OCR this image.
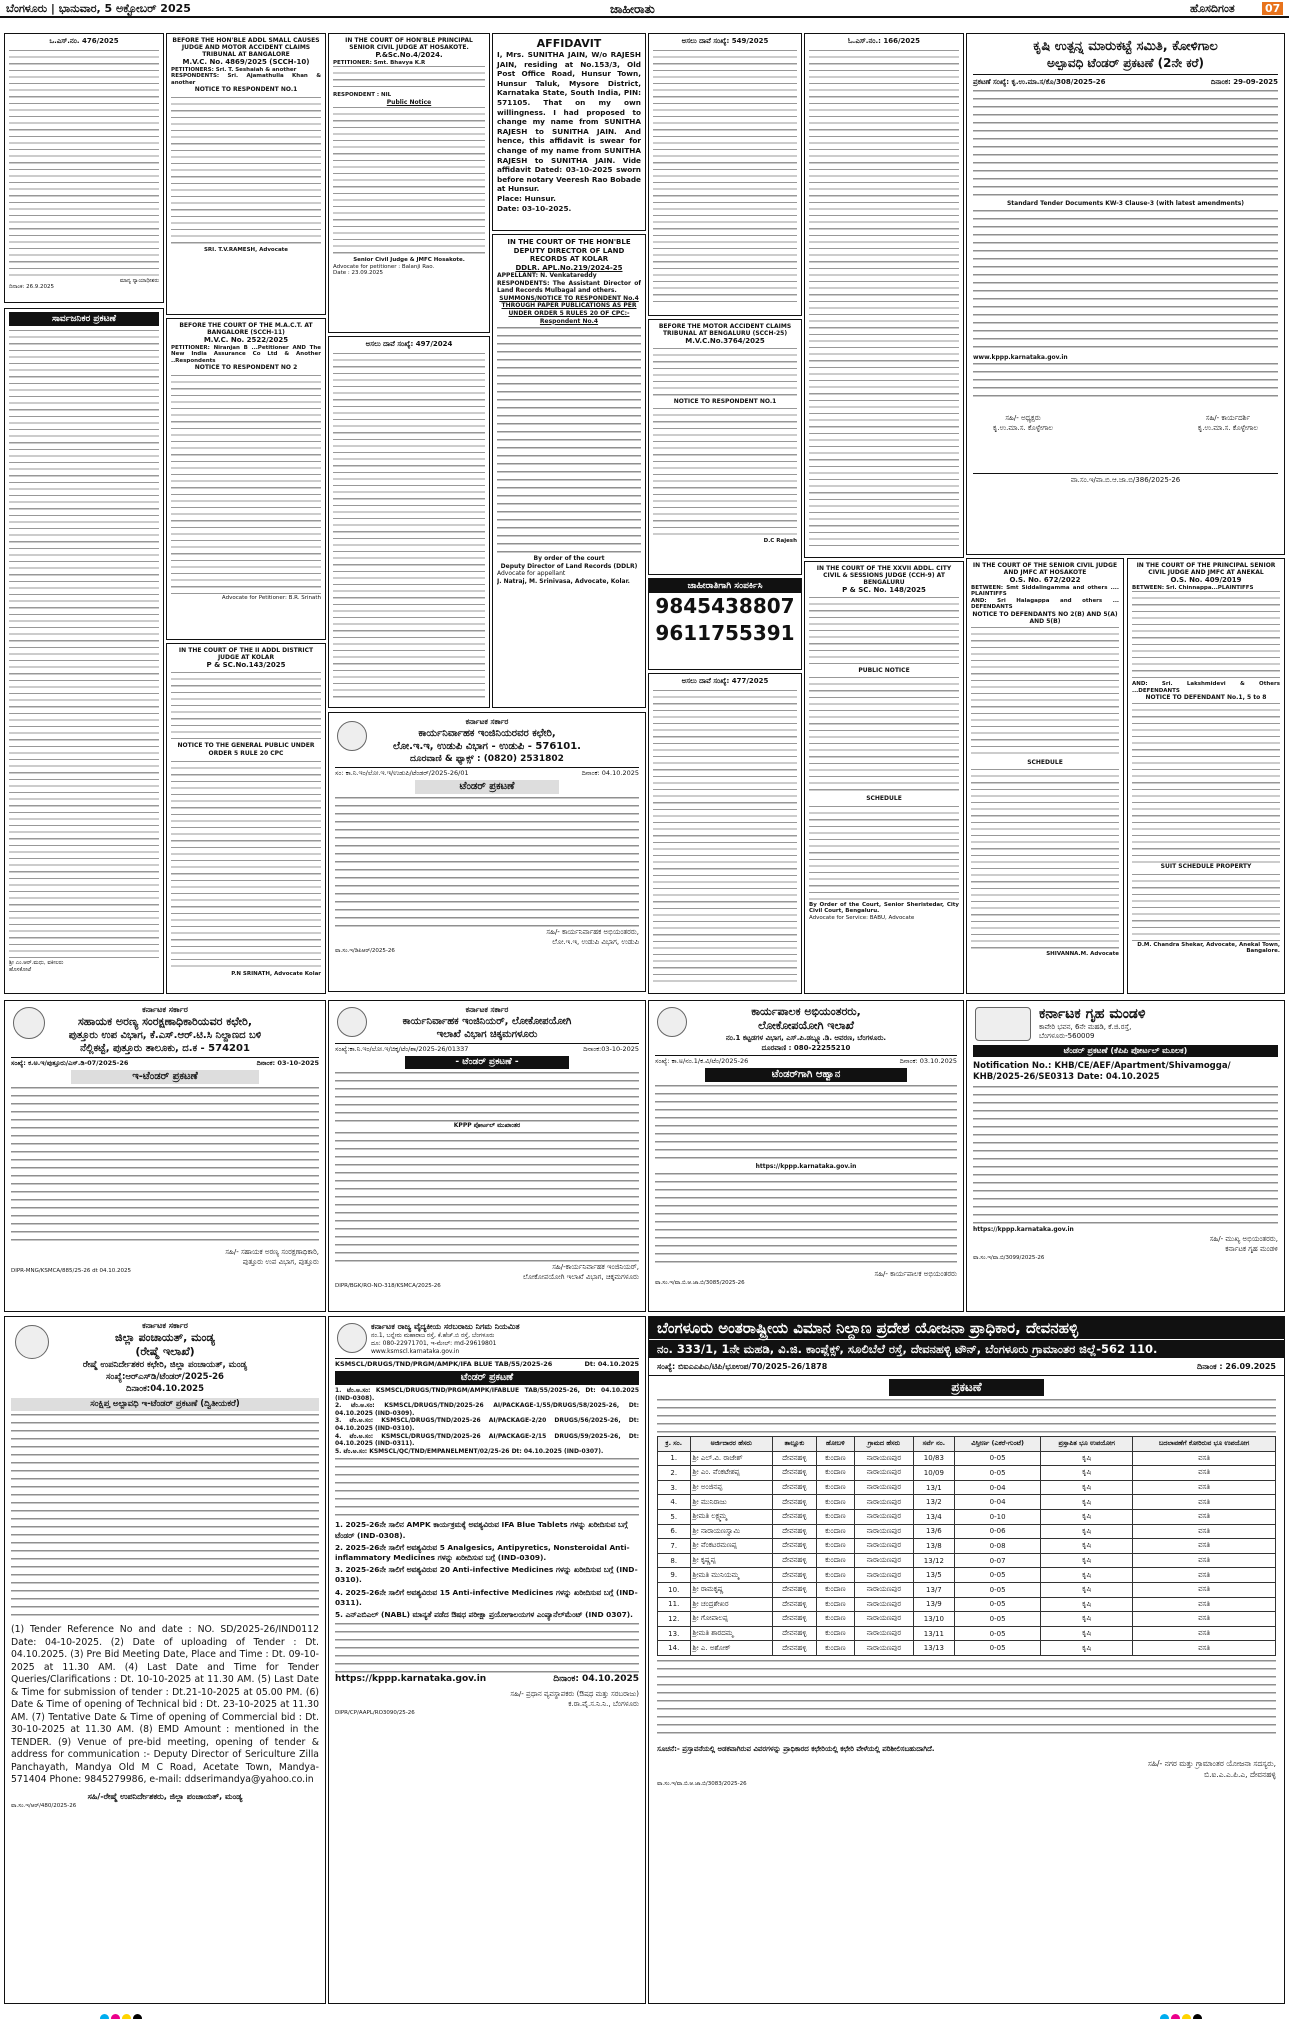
ಬೆಂಗಳೂರು | ಭಾನುವಾರ, 5 ಅಕ್ಟೋಬರ್ 2025	ಜಾಹೀರಾತು	ಹೊಸದಿಗಂತ	07
ಒ.ಎಸ್.ನಂ. 476/2025
ಮಾನ್ಯ ನ್ಯಾಯಾಧೀಶರು
ದಿನಾಂಕ: 26.9.2025
ಸಾರ್ವಜನಿಕರ ಪ್ರಕಟಣೆ
ಶ್ರೀ ಎಂ.ಆರ್.ಮಧು, ವಕೀಲರು
ಹೊಸಕೋಟೆ
BEFORE THE HON'BLE ADDL SMALL CAUSES JUDGE AND MOTOR ACCIDENT CLAIMS TRIBUNAL AT BANGALORE
M.V.C. No. 4869/2025 (SCCH-10)
PETITIONERS: Sri. T. Seshaiah & another
RESPONDENTS: Sri. Ajamathulla Khan & another
NOTICE TO RESPONDENT NO.1
SRI. T.V.RAMESH, Advocate
BEFORE THE COURT OF THE M.A.C.T. AT BANGALORE (SCCH-11)
M.V.C. No. 2522/2025
PETITIONER: Niranjan B ...Petitioner AND The New India Assurance Co Ltd & Another ..Respondents
NOTICE TO RESPONDENT NO 2
Advocate for Petitioner: B.R. Srinath
IN THE COURT OF THE II ADDL DISTRICT JUDGE AT KOLAR
P & SC.No.143/2025
NOTICE TO THE GENERAL PUBLIC UNDER ORDER 5 RULE 20 CPC
P.N SRINATH, Advocate Kolar
IN THE COURT OF HON'BLE PRINCIPAL SENIOR CIVIL JUDGE AT HOSAKOTE.
P.&Sc.No.4/2024.
PETITIONER: Smt. Bhavya K.R
RESPONDENT : NIL
Public Notice
Senior Civil Judge & JMFC Hosakote.
Advocate for petitioner : Balanji Rao.
Date : 23.09.2025
ಅಸಲು ದಾವೆ ಸಂಖ್ಯೆ: 497/2024
AFFIDAVIT
I, Mrs. SUNITHA JAIN, W/o RAJESH JAIN, residing at No.153/3, Old Post Office Road, Hunsur Town, Hunsur Taluk, Mysore District, Karnataka State, South India, PIN: 571105. That on my own willingness. I had proposed to change my name from SUNITHA RAJESH to SUNITHA JAIN. And hence, this affidavit is swear for change of my name from SUNITHA RAJESH to SUNITHA JAIN. Vide affidavit Dated: 03-10-2025 sworn before notary Veeresh Rao Bobade at Hunsur.
Place: Hunsur.
Date: 03-10-2025.
IN THE COURT OF THE HON'BLE DEPUTY DIRECTOR OF LAND RECORDS AT KOLAR
DDLR. APL.No.219/2024-25
APPELLANT: N. Venkatareddy
RESPONDENTS: The Assistant Director of Land Records Mulbagal and others.
SUMMONS/NOTICE TO RESPONDENT No.4 THROUGH PAPER PUBLICATIONS AS PER UNDER ORDER 5 RULES 20 OF CPC:- Respondent No.4
By order of the court
Deputy Director of Land Records (DDLR)
Advocate for appellant
J. Natraj, M. Srinivasa, Advocate, Kolar.
ಅಸಲು ದಾವೆ ಸಂಖ್ಯೆ: 549/2025
BEFORE THE MOTOR ACCIDENT CLAIMS TRIBUNAL AT BENGALURU (SCCH-25)
M.V.C.No.3764/2025
NOTICE TO RESPONDENT NO.1
D.C Rajesh
ಜಾಹೀರಾತಿಗಾಗಿ ಸಂಪರ್ಕಿಸಿ
9845438807
9611755391
ಅಸಲು ದಾವೆ ಸಂಖ್ಯೆ: 477/2025
ಓ.ಎಸ್.ನಂ.: 166/2025
IN THE COURT OF THE XXVII ADDL. CITY CIVIL & SESSIONS JUDGE (CCH-9) AT BENGALURU
P & SC. No. 148/2025
PUBLIC NOTICE
SCHEDULE
By Order of the Court, Senior Sheristedar, City Civil Court, Bengaluru.
Advocate for Service: BABU, Advocate
ಕೃಷಿ ಉತ್ಪನ್ನ ಮಾರುಕಟ್ಟೆ ಸಮಿತಿ, ಕೋಳಿಗಾಲ
ಅಲ್ಪಾವಧಿ ಟೆಂಡರ್ ಪ್ರಕಟಣೆ (2ನೇ ಕರೆ)
ಪ್ರಕಟಣೆ ಸಂಖ್ಯೆ: ಕೃ.ಉ.ಮಾ.ಸ/ಕೊ/308/2025-26	ದಿನಾಂಕ: 29-09-2025
Standard Tender Documents KW-3 Clause-3 (with latest amendments)
www.kppp.karnataka.gov.in
ಸಹಿ/- ಅಧ್ಯಕ್ಷರು
ಕೃ.ಉ.ಮಾ.ಸ. ಕೊಳ್ಳೇಗಾಲ
ಸಹಿ/- ಕಾರ್ಯದರ್ಶಿ
ಕೃ.ಉ.ಮಾ.ಸ. ಕೊಳ್ಳೇಗಾಲ
ವಾ.ಸಂ.ಇ/ವಾ.ಬಿ.ಆ.ಜಾ.ಬಿ/386/2025-26
IN THE COURT OF THE SENIOR CIVIL JUDGE AND JMFC AT HOSAKOTE
O.S. No. 672/2022
BETWEEN: Smt Siddalingamma and others .... PLAINTIFFS
AND: Sri Halagappa and others ... DEFENDANTS
NOTICE TO DEFENDANTS NO 2(B) AND 5(A) AND 5(B)
SCHEDULE
SHIVANNA.M. Advocate
IN THE COURT OF THE PRINCIPAL SENIOR CIVIL JUDGE AND JMFC AT ANEKAL
O.S. No. 409/2019
BETWEEN: Sri. Chinnappa...PLAINTIFFS
AND: Sri. Lakshmidevi & Others ...DEFENDANTS
NOTICE TO DEFENDANT No.1, 5 to 8
SUIT SCHEDULE PROPERTY
D.M. Chandra Shekar, Advocate, Anekal Town, Bangalore.
ಕರ್ನಾಟಕ ಸರ್ಕಾರ
ಸಹಾಯಕ ಅರಣ್ಯ ಸಂರಕ್ಷಣಾಧಿಕಾರಿಯವರ ಕಛೇರಿ,
ಪುತ್ತೂರು ಉಪ ವಿಭಾಗ, ಕೆ.ಎಸ್.ಆರ್.ಟಿ.ಸಿ ನಿಲ್ದಾಣದ ಬಳಿ
ನೆಲ್ಲಿಕಟ್ಟೆ, ಪುತ್ತೂರು ತಾಲೂಕು, ದ.ಕ - 574201
ಸಂಖ್ಯೆ: ಕ.ಅ.ಇ/ಪುತ್ತೂರು/ಎಸ್.ಡಿ-07/2025-26	ದಿನಾಂಕ: 03-10-2025
ಇ-ಟೆಂಡರ್ ಪ್ರಕಟಣೆ
ಸಹಿ/- ಸಹಾಯಕ ಅರಣ್ಯ ಸಂರಕ್ಷಣಾಧಿಕಾರಿ,
ಪುತ್ತೂರು ಉಪ ವಿಭಾಗ, ಪುತ್ತೂರು
DIPR-MNG/KSMCA/885/25-26 dt 04.10.2025
ಕರ್ನಾಟಕ ಸರ್ಕಾರ
ಕಾರ್ಯನಿರ್ವಾಹಕ ಇಂಜಿನಿಯರವರ ಕಛೇರಿ,
ಲೋ.ಇ.ಇ, ಉಡುಪಿ ವಿಭಾಗ - ಉಡುಪಿ - 576101.
ದೂರವಾಣಿ & ಫ್ಯಾಕ್ಸ್ : (0820) 2531802
ಸಂ: ಕಾ.ನಿ.ಇಂ/ಲೋ.ಇ.ಇ/ಉಡುಪಿ/ಟೆಂಡರ್/2025-26/01	ದಿನಾಂಕ: 04.10.2025
ಟೆಂಡರ್ ಪ್ರಕಟಣೆ
ಸಹಿ/- ಕಾರ್ಯನಿರ್ವಾಹಕ ಅಭಿಯಂತರರು,
ಲೋ.ಇ.ಇ, ಉಡುಪಿ ವಿಭಾಗ, ಉಡುಪಿ
ವಾ.ಸಂ.ಇ/ಡಿಪಿಆರ್/2025-26
ಕರ್ನಾಟಕ ಸರ್ಕಾರ
ಕಾರ್ಯನಿರ್ವಾಹಕ ಇಂಜಿನಿಯರ್, ಲೋಕೋಪಯೋಗಿ
ಇಲಾಖೆ ವಿಭಾಗ ಚಿಕ್ಕಮಗಳೂರು
ಸಂಖ್ಯೆ:ಕಾ.ನಿ.ಇಂ/ಲೋ.ಇ/ಚಿಕ್ಕ/ಟೆಂ/ಶಾ/2025-26/01337	ದಿನಾಂಕ:03-10-2025
- ಟೆಂಡರ್ ಪ್ರಕಟಣೆ -
KPPP ಪೋರ್ಟಲ್ ಮುಖಾಂತರ
ಸಹಿ/-ಕಾರ್ಯನಿರ್ವಾಹಕ ಇಂಜಿನಿಯರ್,
ಲೋಕೋಪಯೋಗಿ ಇಲಾಖೆ ವಿಭಾಗ, ಚಿಕ್ಕಮಗಳೂರು
DIPR/BGK/RO-NO-318/KSMCA/2025-26
ಕಾರ್ಯಪಾಲಕ ಅಭಿಯಂತರರು,
ಲೋಕೋಪಯೋಗಿ ಇಲಾಖೆ
ನಂ.1 ಕಟ್ಟಡಗಳ ವಿಭಾಗ, ಎಸ್.ಪಿ.ಡಬ್ಲ್ಯೂ.ಡಿ. ಆವರಣ, ಬೆಂಗಳೂರು.
ದೂರವಾಣಿ : 080-22255210
ಸಂಖ್ಯೆ: ಕಾ.ಅ/ನಂ.1/ಕ.ವಿ/ಟೆಂ/2025-26	ದಿನಾಂಕ: 03.10.2025
ಟೆಂಡರ್‌ಗಾಗಿ ಆಹ್ವಾನ
https://kppp.karnataka.gov.in
ಸಹಿ/- ಕಾರ್ಯಪಾಲಕ ಅಭಿಯಂತರರು
ವಾ.ಸಂ.ಇ/ವಾ.ಬಿ.ಆ.ಜಾ.ಬಿ/3085/2025-26
ಕರ್ನಾಟಕ ಗೃಹ ಮಂಡಳಿ
ಕಾವೇರಿ ಭವನ, 6ನೇ ಮಹಡಿ, ಕೆ.ಜಿ.ರಸ್ತೆ,
ಬೆಂಗಳೂರು-560009
ಟೆಂಡರ್ ಪ್ರಕಟಣೆ (ಕೆಪಿಪಿ ಪೋರ್ಟಲ್ ಮೂಲಕ)
Notification No.: KHB/CE/AEF/Apartment/Shivamogga/ KHB/2025-26/SE0313 Date: 04.10.2025
https://kppp.karnataka.gov.in
ಸಹಿ/- ಮುಖ್ಯ ಅಭಿಯಂತರರು,
ಕರ್ನಾಟಕ ಗೃಹ ಮಂಡಳಿ
ವಾ.ಸಂ.ಇ/ವಾ.ಬಿ/3099/2025-26
ಕರ್ನಾಟಕ ಸರ್ಕಾರ
ಜಿಲ್ಲಾ ಪಂಚಾಯತ್, ಮಂಡ್ಯ
(ರೇಷ್ಮೆ ಇಲಾಖೆ)
ರೇಷ್ಮೆ ಉಪನಿರ್ದೇಶಕರ ಕಛೇರಿ, ಜಿಲ್ಲಾ ಪಂಚಾಯತ್, ಮಂಡ್ಯ
ಸಂಖ್ಯೆ:ಆರ್‌ಎಸ್‌ಡಿ/ಟೆಂಡರ್/2025-26
ದಿನಾಂಕ:04.10.2025
ಸಂಕ್ಷಿಪ್ತ ಅಲ್ಪಾವಧಿ ಇ-ಟೆಂಡರ್ ಪ್ರಕಟಣೆ (ದ್ವಿತೀಯಕರೆ)
(1) Tender Reference No and date : NO. SD/2025-26/IND0112 Date: 04-10-2025. (2) Date of uploading of Tender : Dt. 04.10.2025. (3) Pre Bid Meeting Date, Place and Time : Dt. 09-10-2025 at 11.30 AM. (4) Last Date and Time for Tender Queries/Clarifications : Dt. 10-10-2025 at 11.30 AM. (5) Last Date & Time for submission of tender : Dt.21-10-2025 at 05.00 PM. (6) Date & Time of opening of Technical bid : Dt. 23-10-2025 at 11.30 AM. (7) Tentative Date & Time of opening of Commercial bid : Dt. 30-10-2025 at 11.30 AM. (8) EMD Amount : mentioned in the TENDER. (9) Venue of pre-bid meeting, opening of tender & address for communication :- Deputy Director of Sericulture Zilla Panchayath, Mandya Old M C Road, Acetate Town, Mandya-571404 Phone: 9845279986, e-mail: ddserimandya@yahoo.co.in
ಸಹಿ/-ರೇಷ್ಮೆ ಉಪನಿರ್ದೇಶಕರು, ಜಿಲ್ಲಾ ಪಂಚಾಯತ್, ಮಂಡ್ಯ
ವಾ.ಸಂ.ಇ/ಆರ್/480/2025-26
ಕರ್ನಾಟಕ ರಾಜ್ಯ ವೈದ್ಯಕೀಯ ಸರಬರಾಜು ನಿಗಮ ನಿಯಮಿತ
ನಂ.1, ಬನ್ನೇರು ಮಹಾರಾಜ ರಸ್ತೆ, ಕೆ.ಹೆಚ್.ಬಿ ರಸ್ತೆ, ಬೆಂಗಳೂರು
ದೂ: 080-22971701, ಇ-ಮೇಲ್: md-29619801
www.ksmscl.karnataka.gov.in
KSMSCL/DRUGS/TND/PRGM/AMPK/IFA BLUE TAB/55/2025-26	Dt: 04.10.2025
ಟೆಂಡರ್ ಪ್ರಕಟಣೆ
1. ಟೆಂ.ಅ.ಸಂ: KSMSCL/DRUGS/TND/PRGM/AMPK/IFABLUE TAB/55/2025-26, Dt: 04.10.2025 (IND-0308).
2. ಟೆಂ.ಅ.ಸಂ: KSMSCL/DRUGS/TND/2025-26 AI/PACKAGE-1/55/DRUGS/58/2025-26, Dt: 04.10.2025 (IND-0309).
3. ಟೆಂ.ಅ.ಸಂ: KSMSCL/DRUGS/TND/2025-26 AI/PACKAGE-2/20 DRUGS/56/2025-26, Dt: 04.10.2025 (IND-0310).
4. ಟೆಂ.ಅ.ಸಂ: KSMSCL/DRUGS/TND/2025-26 AI/PACKAGE-2/15 DRUGS/59/2025-26, Dt: 04.10.2025 (IND-0311).
5. ಟೆಂ.ಅ.ಸಂ: KSMSCL/QC/TND/EMPANELMENT/02/25-26 Dt: 04.10.2025 (IND-0307).
1. 2025-26ನೇ ಸಾಲಿನ AMPK ಕಾರ್ಯಕ್ರಮಕ್ಕೆ ಅವಶ್ಯವಿರುವ IFA Blue Tablets ಗಳನ್ನು ಖರೀದಿಸುವ ಬಗ್ಗೆ ಟೆಂಡರ್ (IND-0308).
2. 2025-26ನೇ ಸಾಲಿಗೆ ಅವಶ್ಯವಿರುವ 5 Analgesics, Antipyretics, Nonsteroidal Anti-inflammatory Medicines ಗಳನ್ನು ಖರೀದಿಸುವ ಬಗ್ಗೆ (IND-0309).
3. 2025-26ನೇ ಸಾಲಿಗೆ ಅವಶ್ಯವಿರುವ 20 Anti-infective Medicines ಗಳನ್ನು ಖರೀದಿಸುವ ಬಗ್ಗೆ (IND-0310).
4. 2025-26ನೇ ಸಾಲಿಗೆ ಅವಶ್ಯವಿರುವ 15 Anti-infective Medicines ಗಳನ್ನು ಖರೀದಿಸುವ ಬಗ್ಗೆ (IND-0311).
5. ಎನ್‌ಎಬಿಎಲ್ (NABL) ಮಾನ್ಯತೆ ಪಡೆದ ಔಷಧ ಪರೀಕ್ಷಾ ಪ್ರಯೋಗಾಲಯಗಳ ಎಂಪ್ಯಾನೆಲ್‌ಮೆಂಟ್ (IND 0307).
https://kppp.karnataka.gov.in	ದಿನಾಂಕ: 04.10.2025
ಸಹಿ/- ಪ್ರಧಾನ ವ್ಯವಸ್ಥಾಪಕರು (ಔಷಧ ಮತ್ತು ಸರಬರಾಜು)
ಕ.ರಾ.ವೈ.ಸ.ನಿ.ನಿ., ಬೆಂಗಳೂರು
DIPR/CP/AAPL/RO3090/25-26
ಬೆಂಗಳೂರು ಅಂತರಾಷ್ಟ್ರೀಯ ವಿಮಾನ ನಿಲ್ದಾಣ ಪ್ರದೇಶ ಯೋಜನಾ ಪ್ರಾಧಿಕಾರ, ದೇವನಹಳ್ಳಿ
ನಂ. 333/1, 1ನೇ ಮಹಡಿ, ವಿ.ಜಿ. ಕಾಂಪ್ಲೆಕ್ಸ್, ಸೂಲಿಬೆಲೆ ರಸ್ತೆ, ದೇವನಹಳ್ಳಿ ಟೌನ್, ಬೆಂಗಳೂರು ಗ್ರಾಮಾಂತರ ಜಿಲ್ಲೆ-562 110.
ಸಂಖ್ಯೆ: ಬಿಐಎಎಪಿಎ/ಟಿಪಿ/ಭೂಉಪ/70/2025-26/1878	ದಿನಾಂಕ : 26.09.2025
ಪ್ರಕಟಣೆ
ಕ್ರ. ಸಂ.	ಅರ್ಜಿದಾರರ ಹೆಸರು	ತಾಲ್ಲೂಕು	ಹೋಬಳಿ	ಗ್ರಾಮದ ಹೆಸರು	ಸರ್ವೆ ನಂ.	ವಿಸ್ತೀರ್ಣ (ಎಕರೆ-ಗುಂಟೆ)	ಪ್ರಸ್ತಾಪಿತ ಭೂ ಉಪಯೋಗ	ಬದಲಾವಣೆಗೆ ಕೋರಿರುವ ಭೂ ಉಪಯೋಗ
1.	ಶ್ರೀ ಎಲ್.ವಿ. ರಾಜೇಶ್	ದೇವನಹಳ್ಳಿ	ಕುಂದಾಣ	ನಾರಾಯಣಪುರ	10/83	0-05	ಕೃಷಿ	ವಸತಿ
2.	ಶ್ರೀ ಎಂ. ವೆಂಕಟೇಶಪ್ಪ	ದೇವನಹಳ್ಳಿ	ಕುಂದಾಣ	ನಾರಾಯಣಪುರ	10/09	0-05	ಕೃಷಿ	ವಸತಿ
3.	ಶ್ರೀ ಅಂಜಿನಪ್ಪ	ದೇವನಹಳ್ಳಿ	ಕುಂದಾಣ	ನಾರಾಯಣಪುರ	13/1	0-04	ಕೃಷಿ	ವಸತಿ
4.	ಶ್ರೀ ಮುನಿರಾಜು	ದೇವನಹಳ್ಳಿ	ಕುಂದಾಣ	ನಾರಾಯಣಪುರ	13/2	0-04	ಕೃಷಿ	ವಸತಿ
5.	ಶ್ರೀಮತಿ ಲಕ್ಷ್ಮಮ್ಮ	ದೇವನಹಳ್ಳಿ	ಕುಂದಾಣ	ನಾರಾಯಣಪುರ	13/4	0-10	ಕೃಷಿ	ವಸತಿ
6.	ಶ್ರೀ ನಾರಾಯಣಸ್ವಾಮಿ	ದೇವನಹಳ್ಳಿ	ಕುಂದಾಣ	ನಾರಾಯಣಪುರ	13/6	0-06	ಕೃಷಿ	ವಸತಿ
7.	ಶ್ರೀ ವೆಂಕಟರಮಣಪ್ಪ	ದೇವನಹಳ್ಳಿ	ಕುಂದಾಣ	ನಾರಾಯಣಪುರ	13/8	0-08	ಕೃಷಿ	ವಸತಿ
8.	ಶ್ರೀ ಕೃಷ್ಣಪ್ಪ	ದೇವನಹಳ್ಳಿ	ಕುಂದಾಣ	ನಾರಾಯಣಪುರ	13/12	0-07	ಕೃಷಿ	ವಸತಿ
9.	ಶ್ರೀಮತಿ ಮುನಿಯಮ್ಮ	ದೇವನಹಳ್ಳಿ	ಕುಂದಾಣ	ನಾರಾಯಣಪುರ	13/5	0-05	ಕೃಷಿ	ವಸತಿ
10.	ಶ್ರೀ ರಾಮಕೃಷ್ಣ	ದೇವನಹಳ್ಳಿ	ಕುಂದಾಣ	ನಾರಾಯಣಪುರ	13/7	0-05	ಕೃಷಿ	ವಸತಿ
11.	ಶ್ರೀ ಚಂದ್ರಶೇಖರ	ದೇವನಹಳ್ಳಿ	ಕುಂದಾಣ	ನಾರಾಯಣಪುರ	13/9	0-05	ಕೃಷಿ	ವಸತಿ
12.	ಶ್ರೀ ಗೋಪಾಲಪ್ಪ	ದೇವನಹಳ್ಳಿ	ಕುಂದಾಣ	ನಾರಾಯಣಪುರ	13/10	0-05	ಕೃಷಿ	ವಸತಿ
13.	ಶ್ರೀಮತಿ ಶಾರದಮ್ಮ	ದೇವನಹಳ್ಳಿ	ಕುಂದಾಣ	ನಾರಾಯಣಪುರ	13/11	0-05	ಕೃಷಿ	ವಸತಿ
14.	ಶ್ರೀ ಎ. ಅಶೋಕ್	ದೇವನಹಳ್ಳಿ	ಕುಂದಾಣ	ನಾರಾಯಣಪುರ	13/13	0-05	ಕೃಷಿ	ವಸತಿ
ಸೂಚನೆ:- ಪ್ರಸ್ತಾವನೆಯಲ್ಲಿ ಅಡಕವಾಗಿರುವ ವಿವರಗಳನ್ನು ಪ್ರಾಧಿಕಾರದ ಕಛೇರಿಯಲ್ಲಿ ಕಛೇರಿ ವೇಳೆಯಲ್ಲಿ ಪರಿಶೀಲಿಸಬಹುದಾಗಿದೆ.
ಸಹಿ/- ನಗರ ಮತ್ತು ಗ್ರಾಮಾಂತರ ಯೋಜನಾ ಸದಸ್ಯರು,
ಬಿ.ಐ.ಎ.ಎ.ಪಿ.ಎ, ದೇವನಹಳ್ಳಿ
ವಾ.ಸಂ.ಇ/ವಾ.ಬಿ.ಆ.ಜಾ.ಬಿ/3083/2025-26
